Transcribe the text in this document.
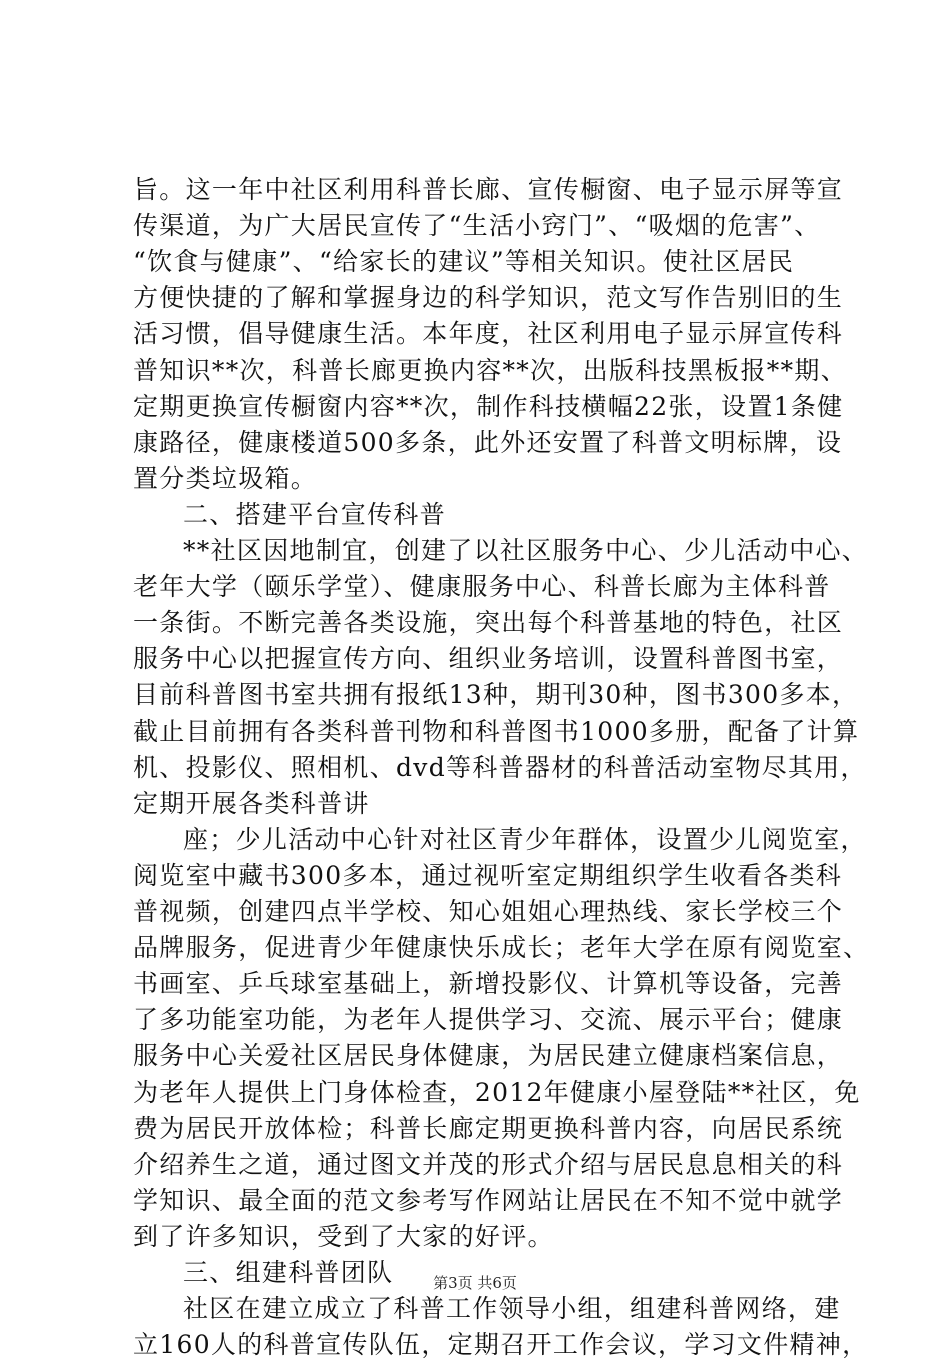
旨。这一年中社区利用科普长廊、宣传橱窗、电子显示屏等宣
传渠道，为广大居民宣传了“生活小窍门”、“吸烟的危害”、
“饮食与健康”、“给家长的建议”等相关知识。使社区居民
方便快捷的了解和掌握身边的科学知识，范文写作告别旧的生
活习惯，倡导健康生活。本年度，社区利用电子显示屏宣传科
普知识**次，科普长廊更换内容**次，出版科技黑板报**期、
定期更换宣传橱窗内容**次，制作科技横幅22张，设置1条健
康路径，健康楼道500多条，此外还安置了科普文明标牌，设
置分类垃圾箱。
二、搭建平台宣传科普
**社区因地制宜，创建了以社区服务中心、少儿活动中心、
老年大学（颐乐学堂）、健康服务中心、科普长廊为主体科普
一条街。不断完善各类设施，突出每个科普基地的特色，社区
服务中心以把握宣传方向、组织业务培训，设置科普图书室，
目前科普图书室共拥有报纸13种，期刊30种，图书300多本，
截止目前拥有各类科普刊物和科普图书1000多册，配备了计算
机、投影仪、照相机、dvd等科普器材的科普活动室物尽其用，
定期开展各类科普讲
座；少儿活动中心针对社区青少年群体，设置少儿阅览室，
阅览室中藏书300多本，通过视听室定期组织学生收看各类科
普视频，创建四点半学校、知心姐姐心理热线、家长学校三个
品牌服务，促进青少年健康快乐成长；老年大学在原有阅览室、
书画室、乒乓球室基础上，新增投影仪、计算机等设备，完善
了多功能室功能，为老年人提供学习、交流、展示平台；健康
服务中心关爱社区居民身体健康，为居民建立健康档案信息，
为老年人提供上门身体检查，2012年健康小屋登陆**社区，免
费为居民开放体检；科普长廊定期更换科普内容，向居民系统
介绍养生之道，通过图文并茂的形式介绍与居民息息相关的科
学知识、最全面的范文参考写作网站让居民在不知不觉中就学
到了许多知识，受到了大家的好评。
三、组建科普团队
社区在建立成立了科普工作领导小组，组建科普网络，建
立160人的科普宣传队伍，定期召开工作会议，学习文件精神，
第3页 共6页
